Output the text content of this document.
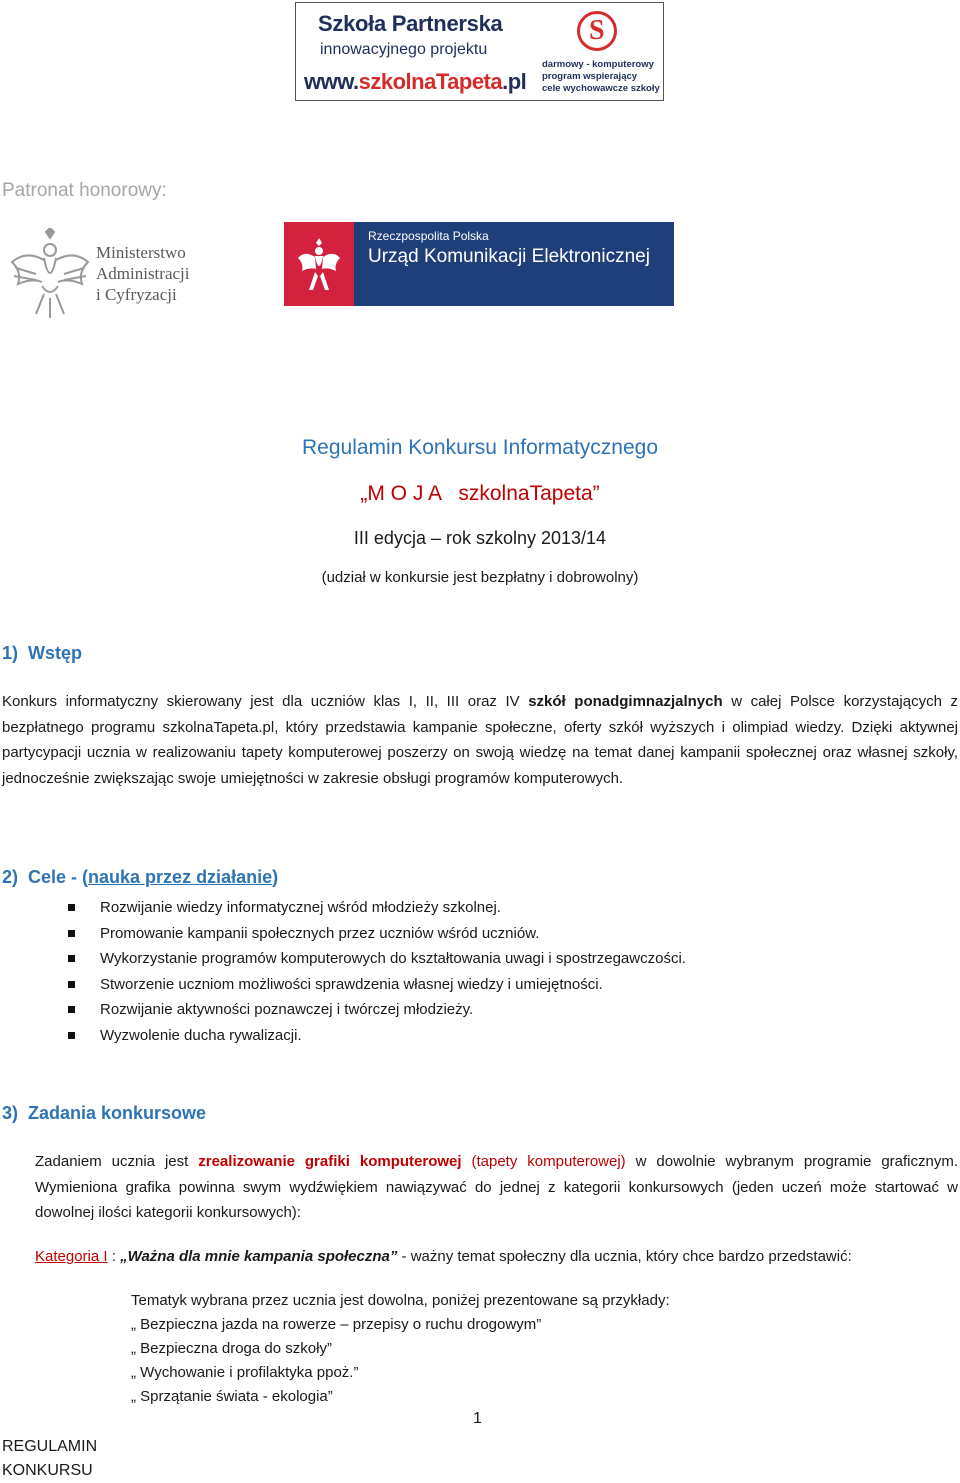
Szkoła Partnerska
innowacyjnego projektu
www.szkolnaTapeta.pl
S
darmowy - komputerowy
program wspierający
cele wychowawcze szkoły
Patronat honorowy:
Ministerstwo
Administracji
i Cyfryzacji
Rzeczpospolita Polska
Urząd Komunikacji Elektronicznej
Regulamin Konkursu Informatycznego
„M O J A   szkolnaTapeta”
III edycja – rok szkolny 2013/14
(udział w konkursie jest bezpłatny i dobrowolny)
1)  Wstęp
Konkurs informatyczny skierowany jest dla uczniów klas I, II, III oraz IV szkół ponadgimnazjalnych w całej Polsce korzystających z bezpłatnego programu szkolnaTapeta.pl, który przedstawia kampanie społeczne, oferty szkół wyższych i olimpiad wiedzy. Dzięki aktywnej partycypacji ucznia w realizowaniu tapety komputerowej poszerzy on swoją wiedzę na temat danej kampanii społecznej oraz własnej szkoły, jednocześnie zwiększając swoje umiejętności w zakresie obsługi programów komputerowych.
2)  Cele - (nauka przez działanie)
Rozwijanie wiedzy informatycznej wśród młodzieży szkolnej.
Promowanie kampanii społecznych przez uczniów wśród uczniów.
Wykorzystanie programów komputerowych do kształtowania uwagi i spostrzegawczości.
Stworzenie uczniom możliwości sprawdzenia własnej wiedzy i umiejętności.
Rozwijanie aktywności poznawczej i twórczej młodzieży.
Wyzwolenie ducha rywalizacji.
3)  Zadania konkursowe
Zadaniem ucznia jest zrealizowanie grafiki komputerowej (tapety komputerowej) w dowolnie wybranym programie graficznym. Wymieniona grafika powinna swym wydźwiękiem nawiązywać do jednej z kategorii konkursowych (jeden uczeń może startować w dowolnej ilości kategorii konkursowych):
Kategoria I : „Ważna dla mnie kampania społeczna” - ważny temat społeczny dla ucznia, który chce bardzo przedstawić:
Tematyk wybrana przez ucznia jest dowolna, poniżej prezentowane są przykłady:
„ Bezpieczna jazda na rowerze – przepisy o ruchu drogowym”
„ Bezpieczna droga do szkoły”
„ Wychowanie i profilaktyka ppoż.”
„ Sprzątanie świata - ekologia”
1
REGULAMIN
KONKURSU
